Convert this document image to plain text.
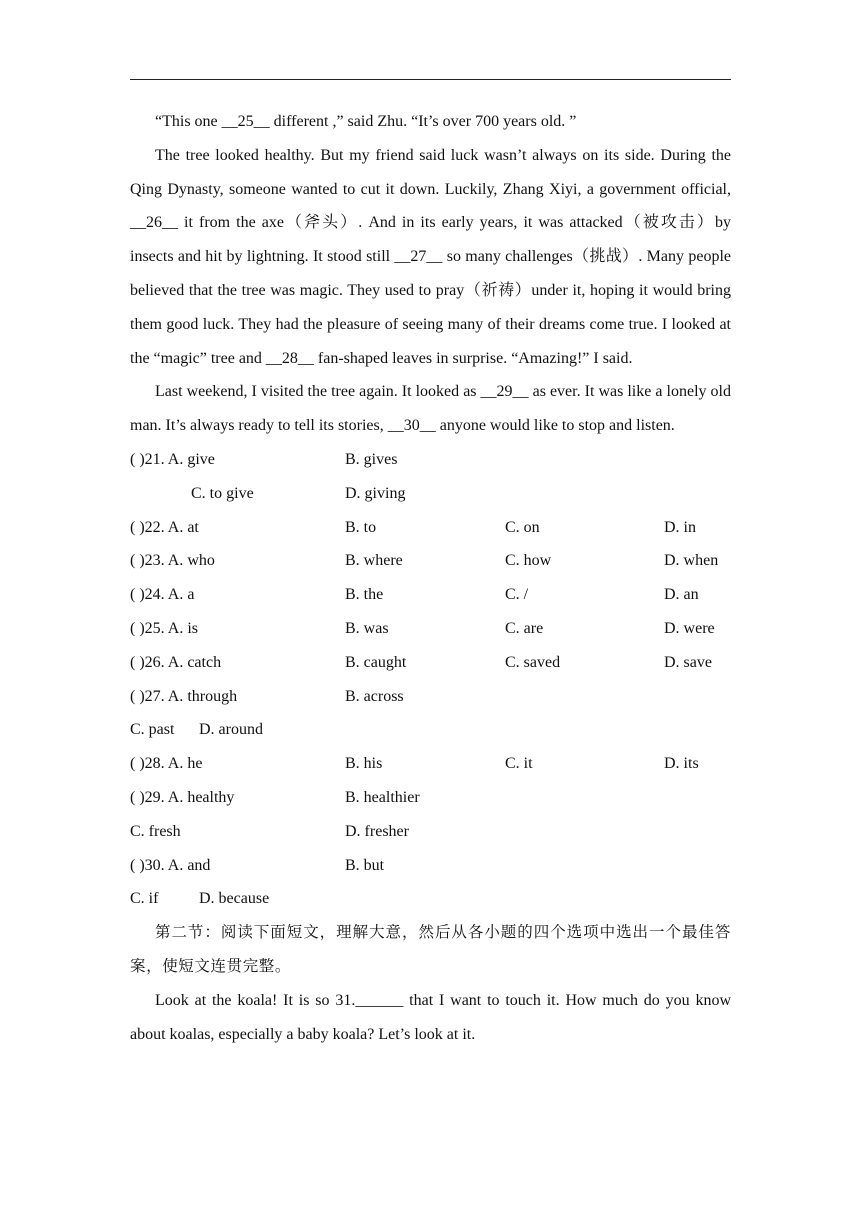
“This one __25__ different ,” said Zhu. “It’s over 700 years old. ”

The tree looked healthy. But my friend said luck wasn’t always on its side. During the Qing Dynasty, someone wanted to cut it down. Luckily, Zhang Xiyi, a government official, __26__ it from the axe（斧头）. And in its early years, it was attacked（被攻击）by insects and hit by lightning. It stood still __27__ so many challenges（挑战）. Many people believed that the tree was magic. They used to pray（祈祷）under it, hoping it would bring them good luck. They had the pleasure of seeing many of their dreams come true. I looked at the “magic” tree and __28__ fan-shaped leaves in surprise. “Amazing!” I said.

Last weekend, I visited the tree again. It looked as __29__ as ever. It was like a lonely old man. It’s always ready to tell its stories, __30__ anyone would like to stop and listen.

( )21. A. give	B. gives
C. to give	D. giving
( )22. A. at	B. to	C. on	D. in
( )23. A. who	B. where	C. how	D. when
( )24. A. a	B. the	C. /	D. an
( )25. A. is	B. was	C. are	D. were
( )26. A. catch	B. caught	C. saved	D. save
( )27. A. through	B. across
C. past D. around
( )28. A. he	B. his	C. it	D. its
( )29. A. healthy	B. healthier
C. fresh	D. fresher
( )30. A. and	B. but
C. if	D. because

第二节：阅读下面短文，理解大意，然后从各小题的四个选项中选出一个最佳答案，使短文连贯完整。

Look at the koala! It is so 31.______ that I want to touch it. How much do you know about koalas, especially a baby koala? Let’s look at it.
